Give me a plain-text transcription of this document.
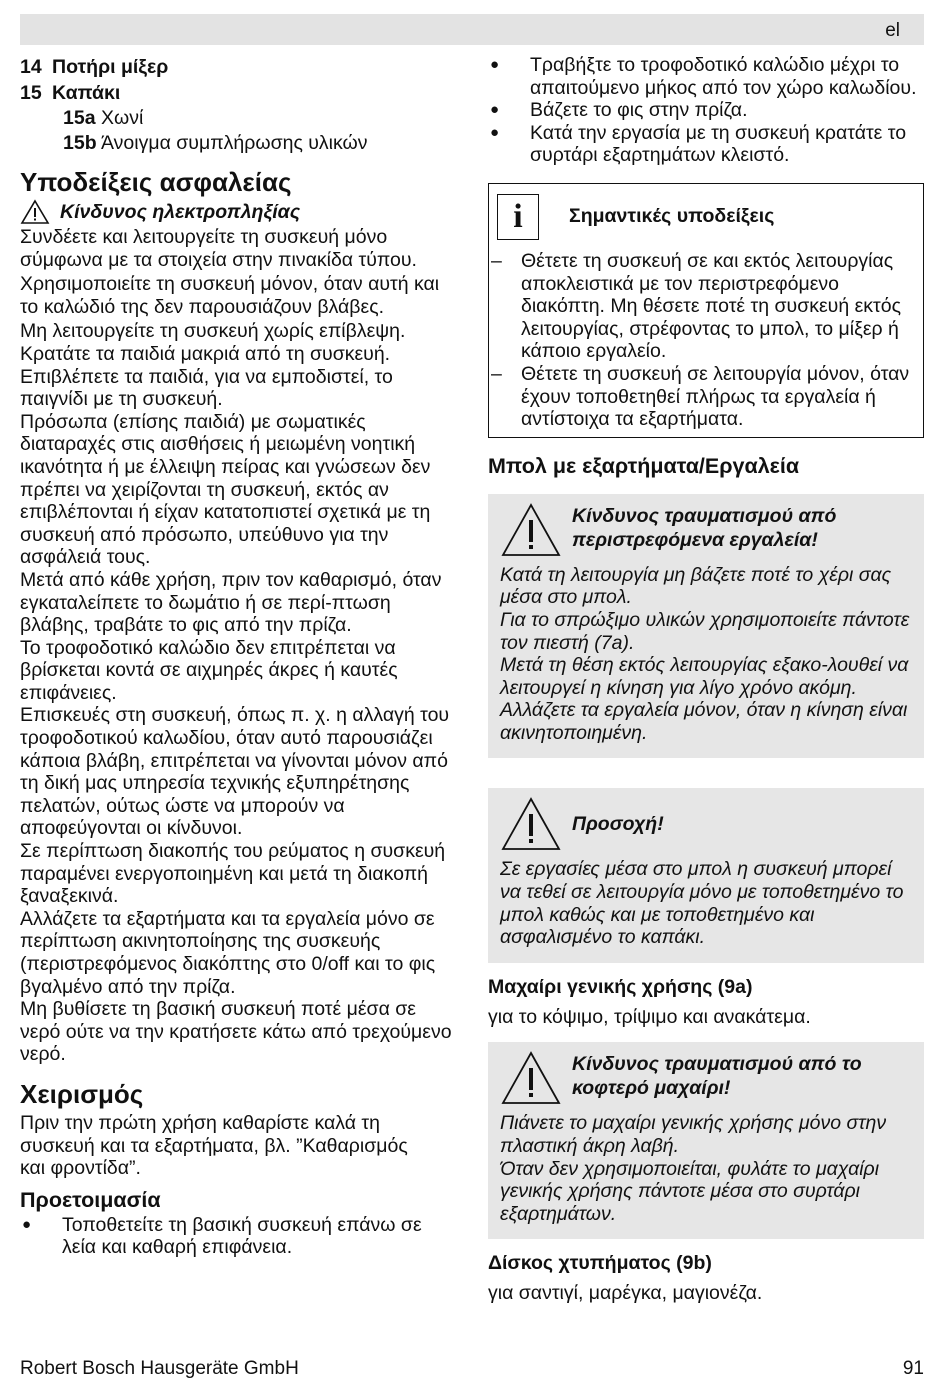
el
14 Ποτήρι μίξερ
15 Καπάκι
15a Χωνί
15b Άνοιγμα συμπλήρωσης υλικών
Υποδείξεις ασφαλείας
Κίνδυνος ηλεκτροπληξίας

Συνδέετε και λειτουργείτε τη συσκευή μόνο σύμφωνα με τα στοιχεία στην πινακίδα τύπου.

Χρησιμοποιείτε τη συσκευή μόνον, όταν αυτή και το καλώδιό της δεν παρουσιάζουν βλάβες.

Μη λειτουργείτε τη συσκευή χωρίς επίβλεψη.

Κρατάτε τα παιδιά μακριά από τη συσκευή.

Επιβλέπετε τα παιδιά, για να εμποδιστεί, το παιγνίδι με τη συσκευή.

Πρόσωπα (επίσης παιδιά) με σωματικές διαταραχές στις αισθήσεις ή μειωμένη νοητική ικανότητα ή με έλλειψη πείρας και γνώσεων δεν πρέπει να χειρίζονται τη συσκευή, εκτός αν επιβλέπονται ή είχαν κατατοπιστεί σχετικά με τη συσκευή από πρόσωπο, υπεύθυνο για την ασφάλειά τους.

Μετά από κάθε χρήση, πριν τον καθαρισμό, όταν εγκαταλείπετε το δωμάτιο ή σε περί-πτωση βλάβης, τραβάτε το φις από την πρίζα.

Το τροφοδοτικό καλώδιο δεν επιτρέπεται να βρίσκεται κοντά σε αιχμηρές άκρες ή καυτές επιφάνειες.

Επισκευές στη συσκευή, όπως π. χ. η αλλαγή του τροφοδοτικού καλωδίου, όταν αυτό παρουσιάζει κάποια βλάβη, επιτρέπεται να γίνονται μόνον από τη δική μας υπηρεσία τεχνικής εξυπηρέτησης πελατών, ούτως ώστε να μπορούν να αποφεύγονται οι κίνδυνοι.

Σε περίπτωση διακοπής του ρεύματος η συσκευή παραμένει ενεργοποιημένη και μετά τη διακοπή ξαναξεκινά.

Αλλάζετε τα εξαρτήματα και τα εργαλεία μόνο σε περίπτωση ακινητοποίησης της συσκευής (περιστρεφόμενος διακόπτης στο 0/off και το φις βγαλμένο από την πρίζα.

Μη βυθίσετε τη βασική συσκευή ποτέ μέσα σε νερό ούτε να την κρατήσετε κάτω από τρεχούμενο νερό.

Χειρισμός

Πριν την πρώτη χρήση καθαρίστε καλά τη συσκευή και τα εξαρτήματα, βλ. ”Καθαρισμός και φροντίδα”.

Προετοιμασία
●	Τοποθετείτε τη βασική συσκευή επάνω σε λεία και καθαρή επιφάνεια.

●	Τραβήξτε το τροφοδοτικό καλώδιο μέχρι το απαιτούμενο μήκος από τον χώρο καλωδίου.

●	Βάζετε το φις στην πρίζα.

●	Κατά την εργασία με τη συσκευή κρατάτε το συρτάρι εξαρτημάτων κλειστό.

i	Σημαντικές υποδείξεις
– Θέτετε τη συσκευή σε και εκτός λειτουργίας αποκλειστικά με τον περιστρεφόμενο διακόπτη. Μη θέσετε ποτέ τη συσκευή εκτός λειτουργίας, στρέφοντας το μπολ, το μίξερ ή κάποιο εργαλείο.

– Θέτετε τη συσκευή σε λειτουργία μόνον, όταν έχουν τοποθετηθεί πλήρως τα εργαλεία ή αντίστοιχα τα εξαρτήματα.

Μπολ με εξαρτήματα/Εργαλεία
Κίνδυνος τραυματισμού από περιστρεφόμενα εργαλεία!

Κατά τη λειτουργία μη βάζετε ποτέ το χέρι σας μέσα στο μπολ.

Για το σπρώξιμο υλικών χρησιμοποιείτε πάντοτε τον πιεστή (7a).

Μετά τη θέση εκτός λειτουργίας εξακο-λουθεί να λειτουργεί η κίνηση για λίγο χρόνο ακόμη. Αλλάζετε τα εργαλεία μόνον, όταν η κίνηση είναι ακινητοποιημένη.

Προσοχή!

Σε εργασίες μέσα στο μπολ η συσκευή μπορεί να τεθεί σε λειτουργία μόνο με τοποθετημένο το μπολ καθώς και με τοποθετημένο και ασφαλισμένο το καπάκι.

Μαχαίρι γενικής χρήσης (9a)

για το κόψιμο, τρίψιμο και ανακάτεμα.

Κίνδυνος τραυματισμού από το κοφτερό μαχαίρι!

Πιάνετε το μαχαίρι γενικής χρήσης μόνο στην πλαστική άκρη λαβή.

Όταν δεν χρησιμοποιείται, φυλάτε το μαχαίρι γενικής χρήσης πάντοτε μέσα στο συρτάρι εξαρτημάτων.

Δίσκος χτυπήματος (9b)

για σαντιγί, μαρέγκα, μαγιονέζα.

Robert Bosch Hausgeräte GmbH	91
